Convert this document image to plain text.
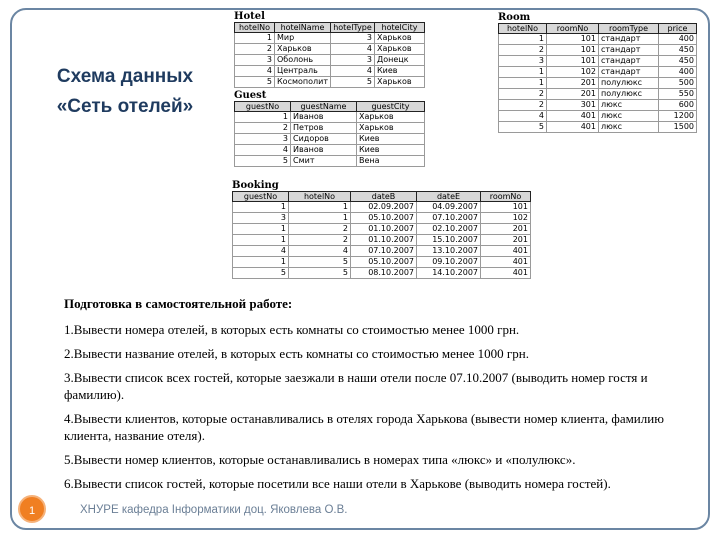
Схема данных
«Сеть отелей»
Hotel
hotelNo	hotelName	hotelType	hotelCity
1	Мир	3	Харьков
2	Харьков	4	Харьков
3	Оболонь	3	Донецк
4	Централь	4	Киев
5	Космополит	5	Харьков
Room
hotelNo	roomNo	roomType	price
1	101	стандарт	400
2	101	стандарт	450
3	101	стандарт	450
1	102	стандарт	400
1	201	полулюкс	500
2	201	полулюкс	550
2	301	люкс	600
4	401	люкс	1200
5	401	люкс	1500
Guest
guestNo	guestName	guestCity
1	Иванов	Харьков
2	Петров	Харьков
3	Сидоров	Киев
4	Иванов	Киев
5	Смит	Вена
Booking
guestNo	hotelNo	dateB	dateE	roomNo
1	1	02.09.2007	04.09.2007	101
3	1	05.10.2007	07.10.2007	102
1	2	01.10.2007	02.10.2007	201
1	2	01.10.2007	15.10.2007	201
4	4	07.10.2007	13.10.2007	401
1	5	05.10.2007	09.10.2007	401
5	5	08.10.2007	14.10.2007	401
Подготовка в самостоятельной работе:
1.Вывести номера отелей, в которых есть комнаты со стоимостью менее 1000 грн.
2.Вывести название отелей, в которых есть комнаты со стоимостью менее 1000 грн.
3.Вывести список всех гостей, которые заезжали в наши отели после 07.10.2007 (выводить номер гостя и фамилию).
4.Вывести клиентов, которые останавливались в отелях города Харькова (вывести номер клиента, фамилию клиента, название отеля).
5.Вывести номер клиентов, которые останавливались в номерах типа «люкс» и «полулюкс».
6.Вывести список гостей, которые посетили все наши отели в Харькове (выводить номера гостей).
1	ХНУРЕ кафедра Інформатики доц. Яковлева О.В.
